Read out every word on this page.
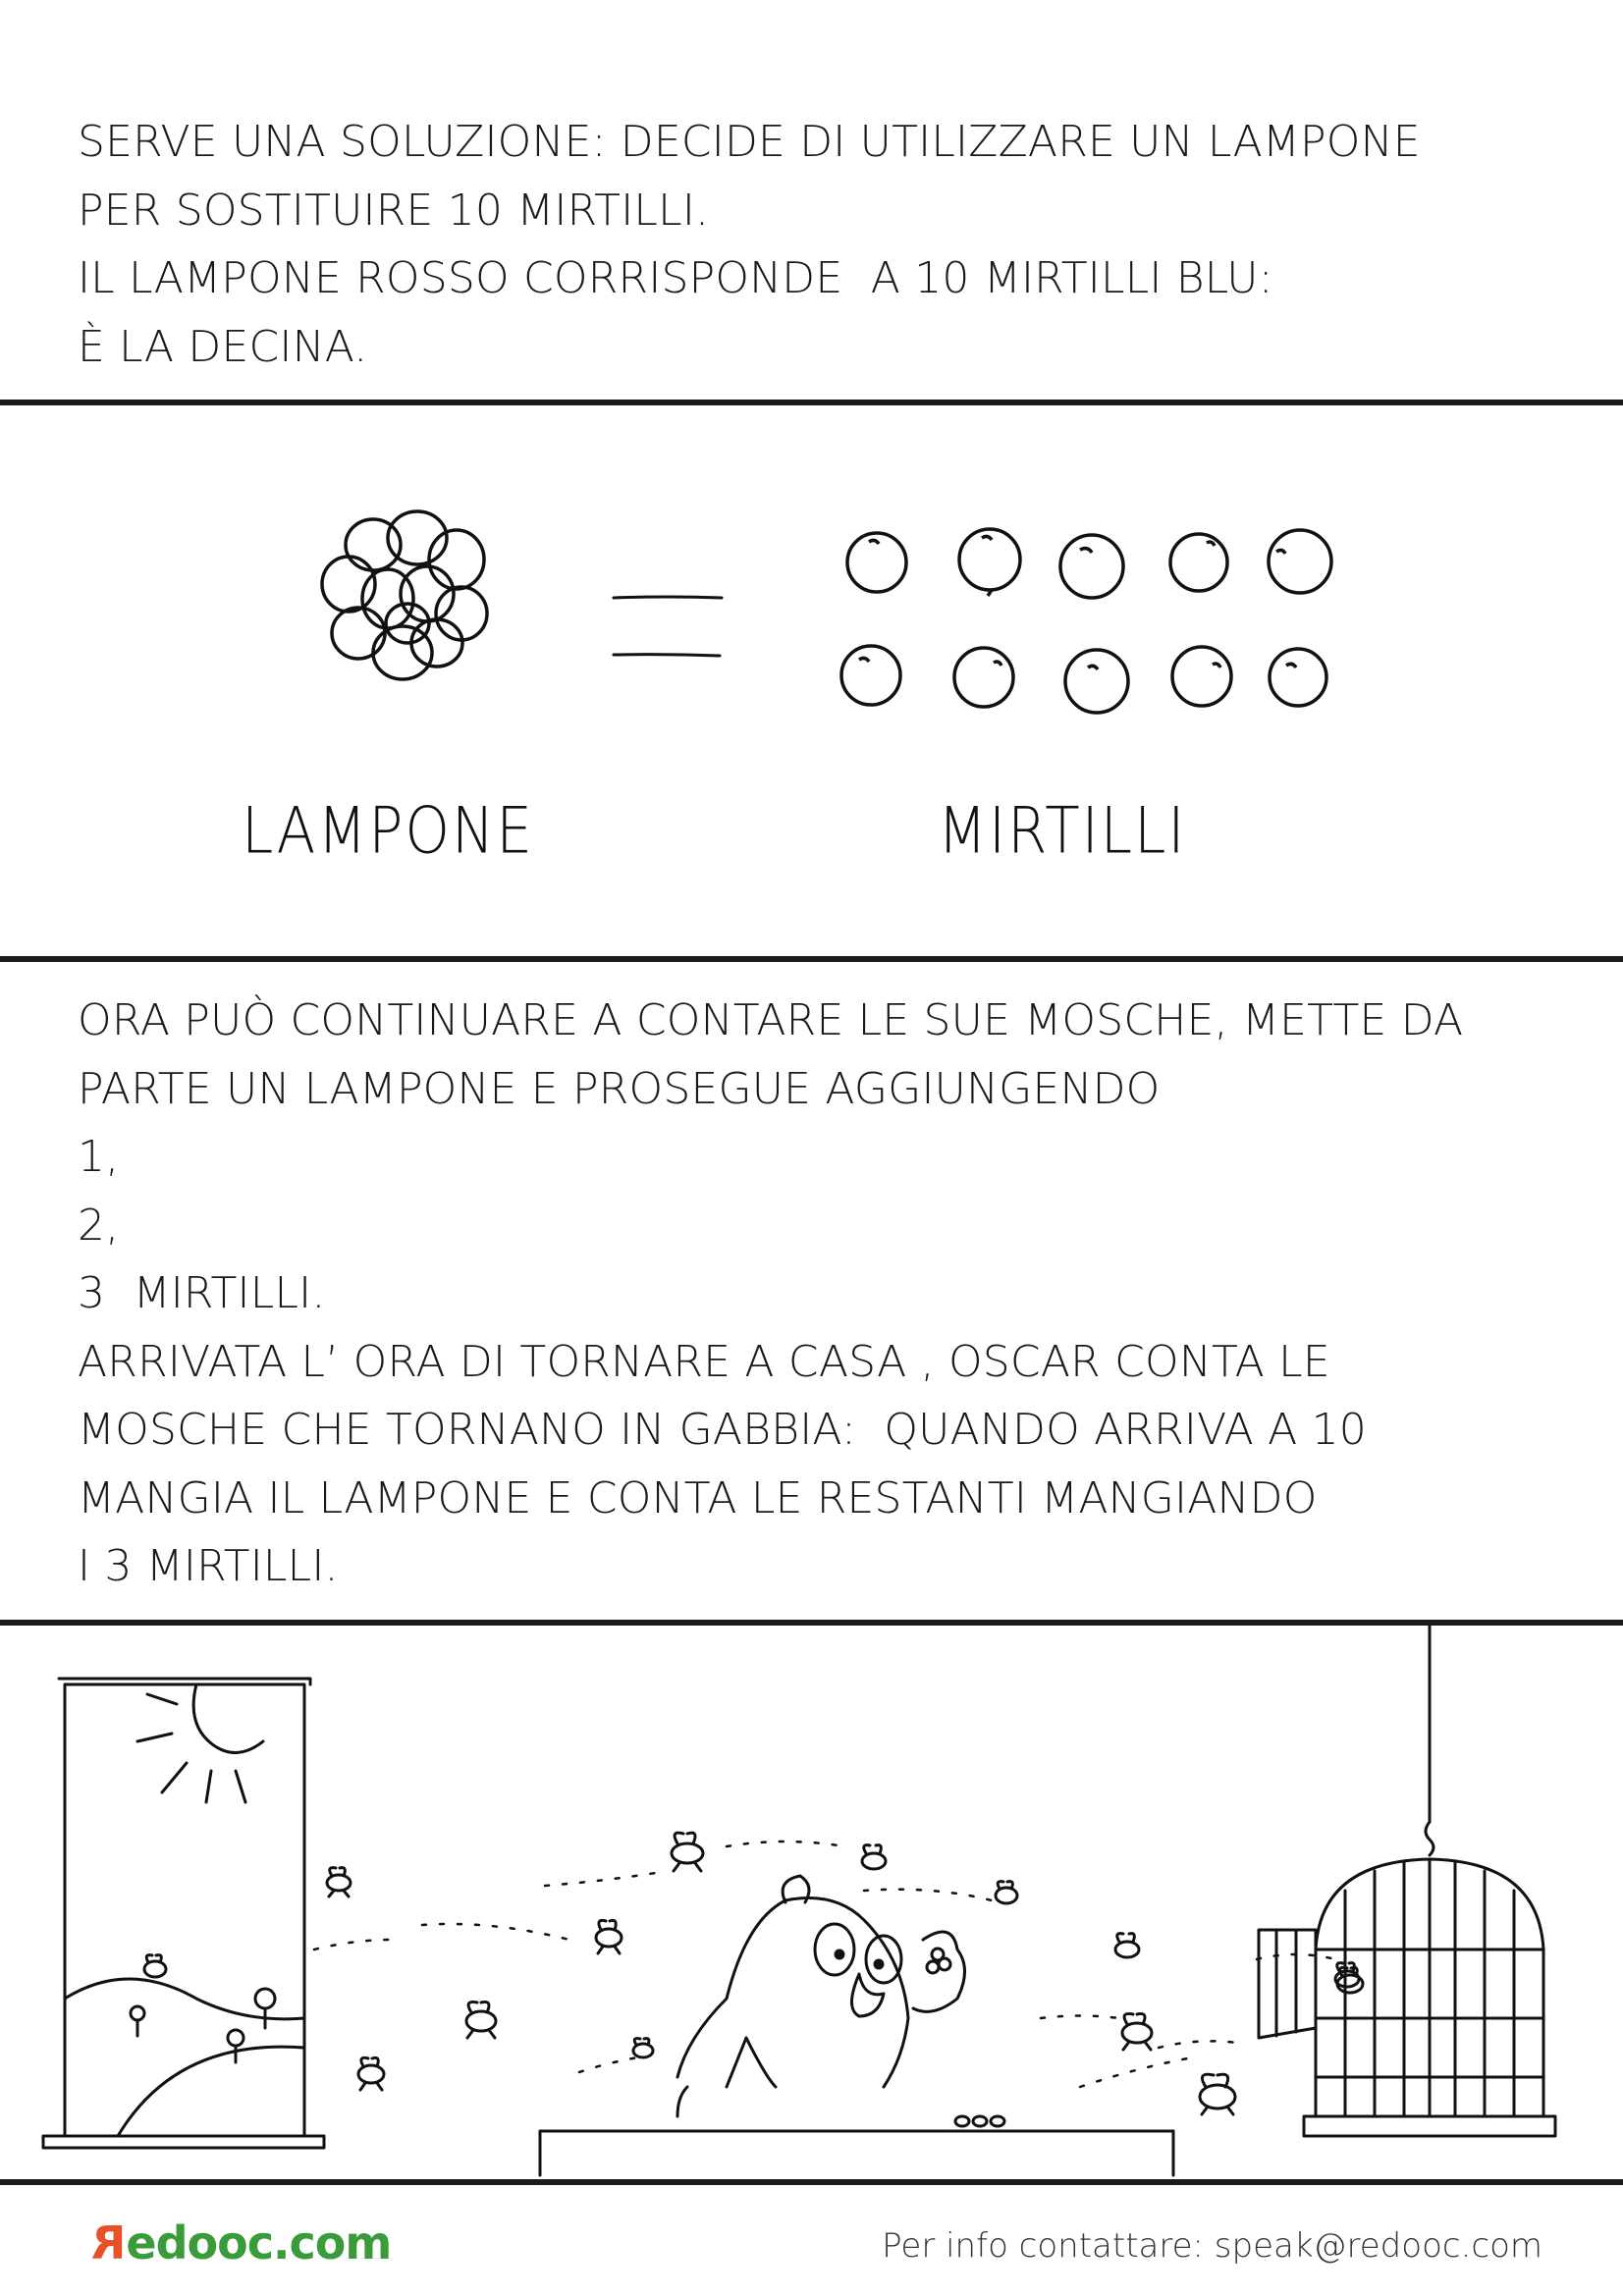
SERVE UNA SOLUZIONE: DECIDE DI UTILIZZARE UN LAMPONE
PER SOSTITUIRE 10 MIRTILLI.
IL LAMPONE ROSSO CORRISPONDE  A 10 MIRTILLI BLU:
È LA DECINA.
LAMPONE	MIRTILLI
ORA PUÒ CONTINUARE A CONTARE LE SUE MOSCHE, METTE DA
PARTE UN LAMPONE E PROSEGUE AGGIUNGENDO
1,
2,
3  MIRTILLI.
ARRIVATA L’ ORA DI TORNARE A CASA , OSCAR CONTA LE
MOSCHE CHE TORNANO IN GABBIA:  QUANDO ARRIVA A 10
MANGIA IL LAMPONE E CONTA LE RESTANTI MANGIANDO
I 3 MIRTILLI.
Redooc.com	Per info contattare: speak@redooc.com
